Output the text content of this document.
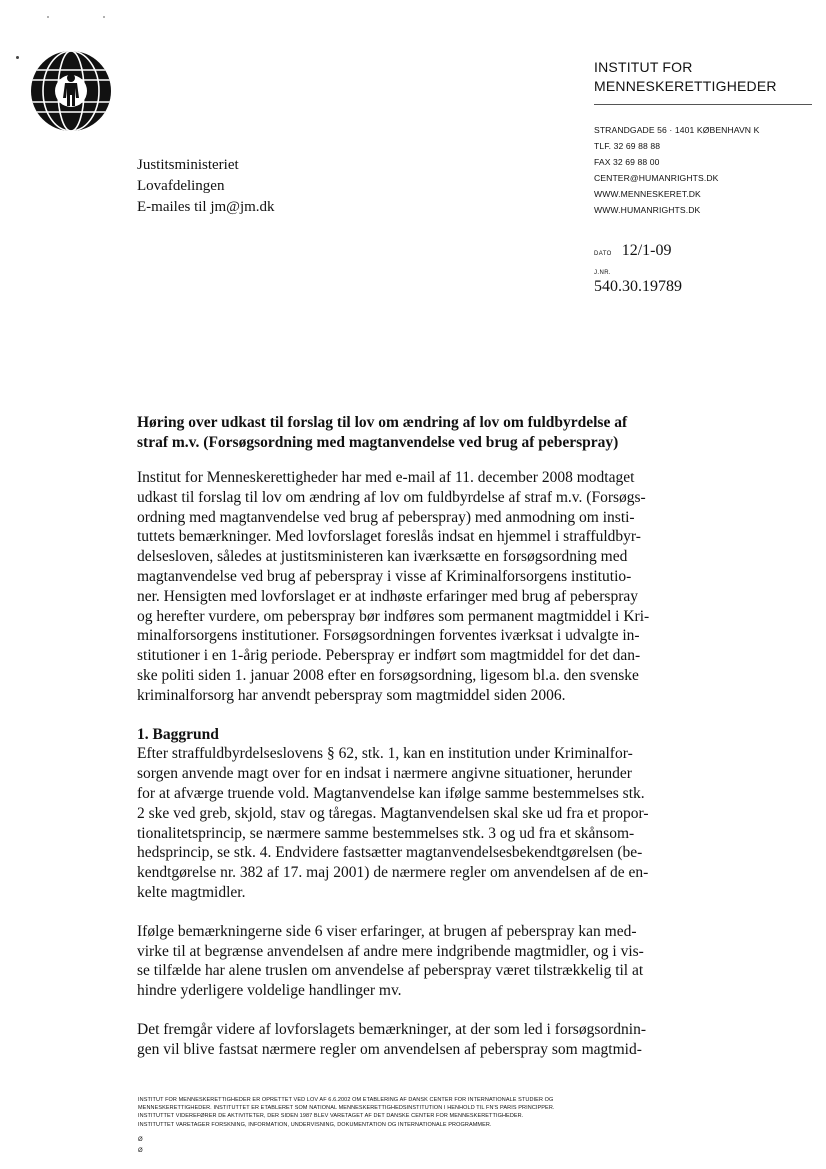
INSTITUT FOR
MENNESKERETTIGHEDER
STRANDGADE 56 · 1401 KØBENHAVN K
TLF. 32 69 88 88
FAX 32 69 88 00
CENTER@HUMANRIGHTS.DK
WWW.MENNESKERET.DK
WWW.HUMANRIGHTS.DK
Justitsministeriet
Lovafdelingen
E-mailes til jm@jm.dk
DATO 12/1-09
J.NR.
540.30.19789
Høring over udkast til forslag til lov om ændring af lov om fuldbyrdelse af
straf m.v. (Forsøgsordning med magtanvendelse ved brug af peberspray)

Institut for Menneskerettigheder har med e-mail af 11. december 2008 modtaget
udkast til forslag til lov om ændring af lov om fuldbyrdelse af straf m.v. (Forsøgs-
ordning med magtanvendelse ved brug af peberspray) med anmodning om insti-
tuttets bemærkninger. Med lovforslaget foreslås indsat en hjemmel i straffuldbyr-
delsesloven, således at justitsministeren kan iværksætte en forsøgsordning med
magtanvendelse ved brug af peberspray i visse af Kriminalforsorgens institutio-
ner. Hensigten med lovforslaget er at indhøste erfaringer med brug af peberspray
og herefter vurdere, om peberspray bør indføres som permanent magtmiddel i Kri-
minalforsorgens institutioner. Forsøgsordningen forventes iværksat i udvalgte in-
stitutioner i en 1-årig periode. Peberspray er indført som magtmiddel for det dan-
ske politi siden 1. januar 2008 efter en forsøgsordning, ligesom bl.a. den svenske
kriminalforsorg har anvendt peberspray som magtmiddel siden 2006.

1. Baggrund

Efter straffuldbyrdelseslovens § 62, stk. 1, kan en institution under Kriminalfor-
sorgen anvende magt over for en indsat i nærmere angivne situationer, herunder
for at afværge truende vold. Magtanvendelse kan ifølge samme bestemmelses stk.
2 ske ved greb, skjold, stav og tåregas. Magtanvendelsen skal ske ud fra et propor-
tionalitetsprincip, se nærmere samme bestemmelses stk. 3 og ud fra et skånsom-
hedsprincip, se stk. 4. Endvidere fastsætter magtanvendelsesbekendtgørelsen (be-
kendtgørelse nr. 382 af 17. maj 2001) de nærmere regler om anvendelsen af de en-
kelte magtmidler.

Ifølge bemærkningerne side 6 viser erfaringer, at brugen af peberspray kan med-
virke til at begrænse anvendelsen af andre mere indgribende magtmidler, og i vis-
se tilfælde har alene truslen om anvendelse af peberspray været tilstrækkelig til at
hindre yderligere voldelige handlinger mv.

Det fremgår videre af lovforslagets bemærkninger, at der som led i forsøgsordnin-
gen vil blive fastsat nærmere regler om anvendelsen af peberspray som magtmid-

INSTITUT FOR MENNESKERETTIGHEDER ER OPRETTET VED LOV AF 6.6.2002 OM ETABLERING AF DANSK CENTER FOR INTERNATIONALE STUDIER OG
MENNESKERETTIGHEDER. INSTITUTTET ER ETABLERET SOM NATIONAL MENNESKERETTIGHEDSINSTITUTION I HENHOLD TIL FN'S PARIS PRINCIPPER.
INSTITUTTET VIDEREFØRER DE AKTIVITETER, DER SIDEN 1987 BLEV VARETAGET AF DET DANSKE CENTER FOR MENNESKERETTIGHEDER.
INSTITUTTET VARETAGER FORSKNING, INFORMATION, UNDERVISNING, DOKUMENTATION OG INTERNATIONALE PROGRAMMER.
Ø
Ø
